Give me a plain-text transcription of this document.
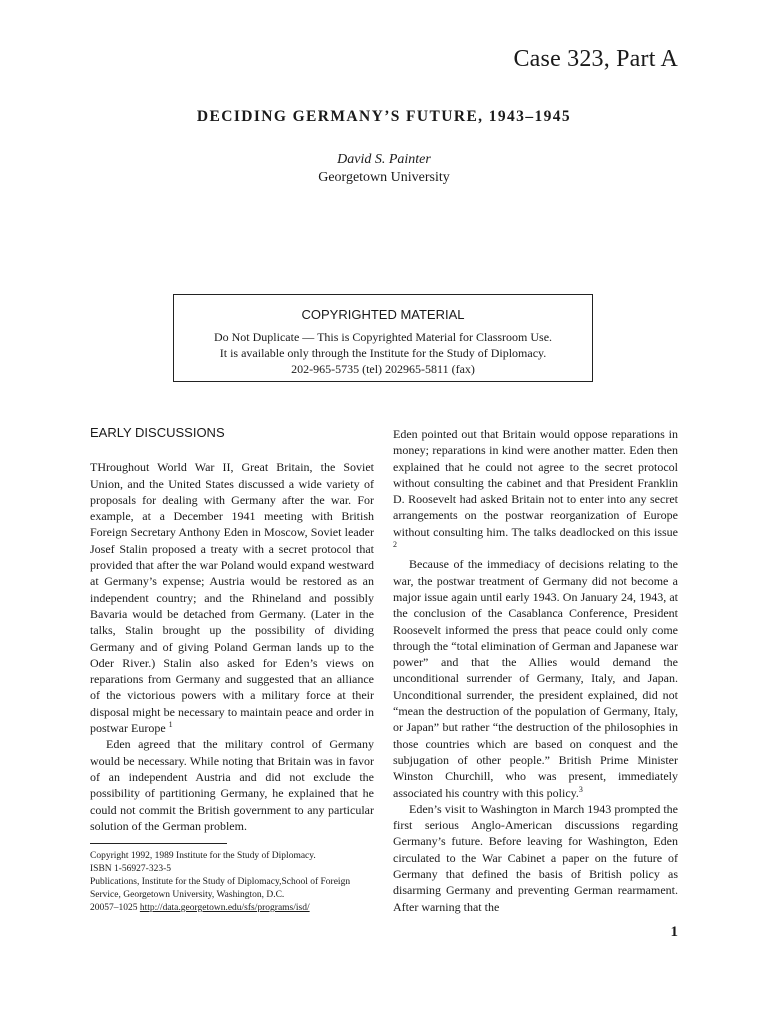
Case 323, Part A
DECIDING GERMANY’S FUTURE, 1943–1945
David S. Painter
Georgetown University
COPYRIGHTED MATERIAL
Do Not Duplicate — This is Copyrighted Material for Classroom Use.
It is available only through the Institute for the Study of Diplomacy.
202-965-5735 (tel) 202965-5811 (fax)
EARLY DISCUSSIONS

THroughout World War II, Great Britain, the Soviet Union, and the United States discussed a wide variety of proposals for dealing with Germany after the war. For example, at a December 1941 meeting with British Foreign Secretary Anthony Eden in Moscow, Soviet leader Josef Stalin proposed a treaty with a secret protocol that provided that after the war Poland would expand westward at Germany’s expense; Austria would be restored as an independent country; and the Rhineland and possibly Bavaria would be detached from Germany. (Later in the talks, Stalin brought up the possibility of dividing Germany and of giving Poland German lands up to the Oder River.) Stalin also asked for Eden’s views on reparations from Germany and suggested that an alliance of the victorious powers with a military force at their disposal might be necessary to maintain peace and order in postwar Europe $^1$

Eden agreed that the military control of Germany would be necessary. While noting that Britain was in favor of an independent Austria and did not exclude the possibility of partitioning Germany, he explained that he could not commit the British government to any particular solution of the German problem.

Eden pointed out that Britain would oppose reparations in money; reparations in kind were another matter. Eden then explained that he could not agree to the secret protocol without consulting the cabinet and that President Franklin D. Roosevelt had asked Britain not to enter into any secret arrangements on the postwar reorganization of Europe without consulting him. The talks deadlocked on this issue $^2$

Because of the immediacy of decisions relating to the war, the postwar treatment of Germany did not become a major issue again until early 1943. On January 24, 1943, at the conclusion of the Casablanca Conference, President Roosevelt informed the press that peace could only come through the “total elimination of German and Japanese war power” and that the Allies would demand the unconditional surrender of Germany, Italy, and Japan. Unconditional surrender, the president explained, did not “mean the destruction of the population of Germany, Italy, or Japan” but rather “the destruction of the philosophies in those countries which are based on conquest and the subjugation of other people.” British Prime Minister Winston Churchill, who was present, immediately associated his country with this policy.$^3$

Eden’s visit to Washington in March 1943 prompted the first serious Anglo-American discussions regarding Germany’s future. Before leaving for Washington, Eden circulated to the War Cabinet a paper on the future of Germany that defined the basis of British policy as disarming Germany and preventing German rearmament. After warning that the

Copyright 1992, 1989 Institute for the Study of Diplomacy.
ISBN 1-56927-323-5
Publications, Institute for the Study of Diplomacy,School of Foreign Service, Georgetown University, Washington, D.C.
20057–1025 http://data.georgetown.edu/sfs/programs/isd/
1
